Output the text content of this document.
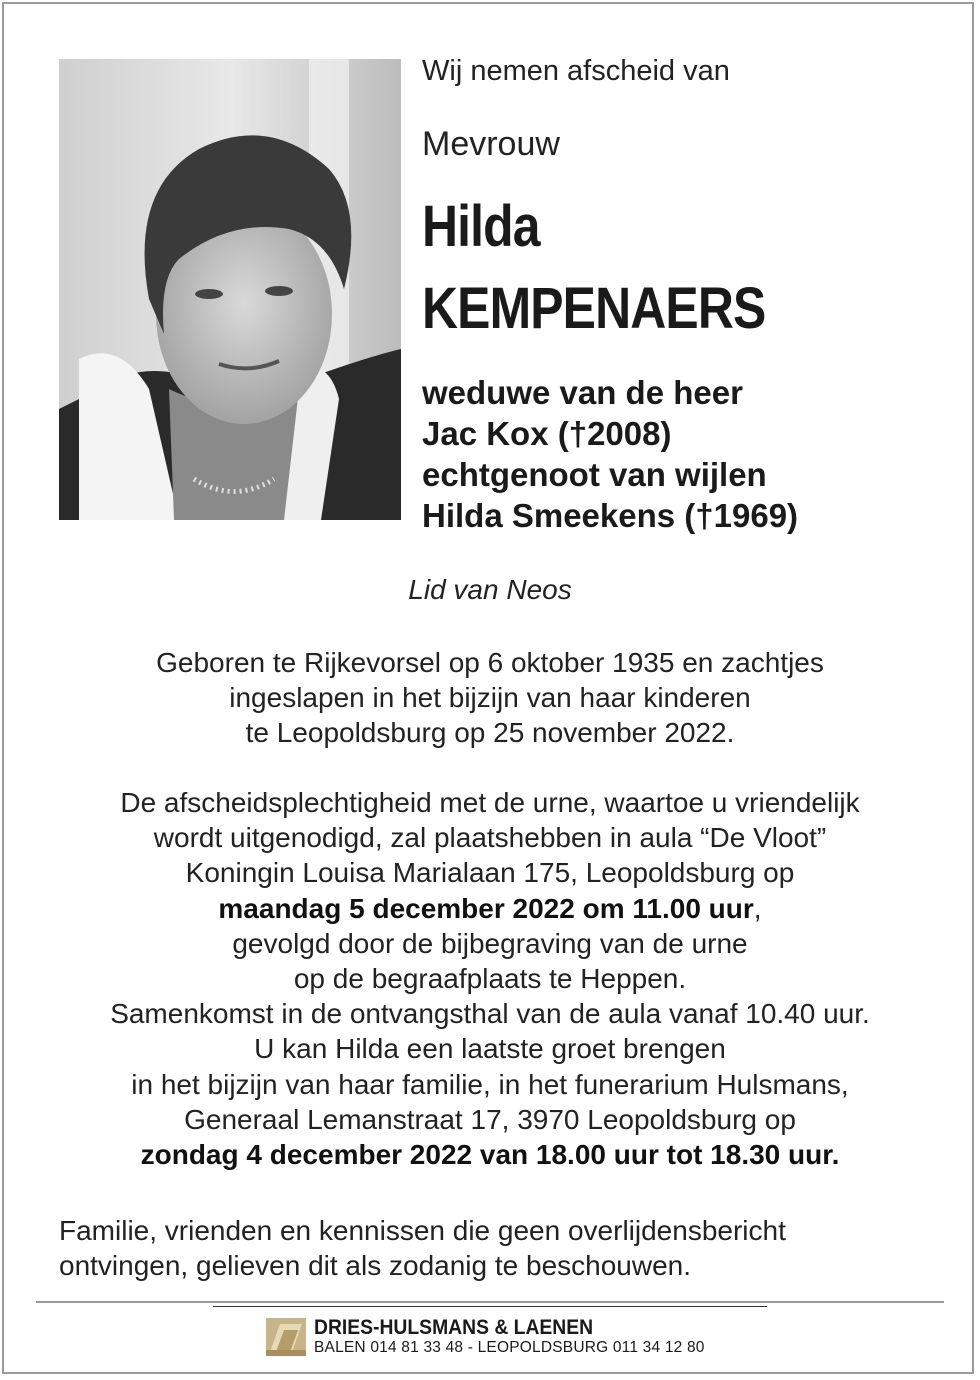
Wij nemen afscheid van
Mevrouw
Hilda
KEMPENAERS
weduwe van de heer
Jac Kox (†2008)
echtgenoot van wijlen
Hilda Smeekens (†1969)
Lid van Neos
Geboren te Rijkevorsel op 6 oktober 1935 en zachtjes
ingeslapen in het bijzijn van haar kinderen
te Leopoldsburg op 25 november 2022.
De afscheidsplechtigheid met de urne, waartoe u vriendelijk
wordt uitgenodigd, zal plaatshebben in aula “De Vloot”
Koningin Louisa Marialaan 175, Leopoldsburg op
maandag 5 december 2022 om 11.00 uur,
gevolgd door de bijbegraving van de urne
op de begraafplaats te Heppen.
Samenkomst in de ontvangsthal van de aula vanaf 10.40 uur.
U kan Hilda een laatste groet brengen
in het bijzijn van haar familie, in het funerarium Hulsmans,
Generaal Lemanstraat 17, 3970 Leopoldsburg op
zondag 4 december 2022 van 18.00 uur tot 18.30 uur.
Familie, vrienden en kennissen die geen overlijdensbericht
ontvingen, gelieven dit als zodanig te beschouwen.
DRIES-HULSMANS & LAENEN
BALEN 014 81 33 48 - LEOPOLDSBURG 011 34 12 80
